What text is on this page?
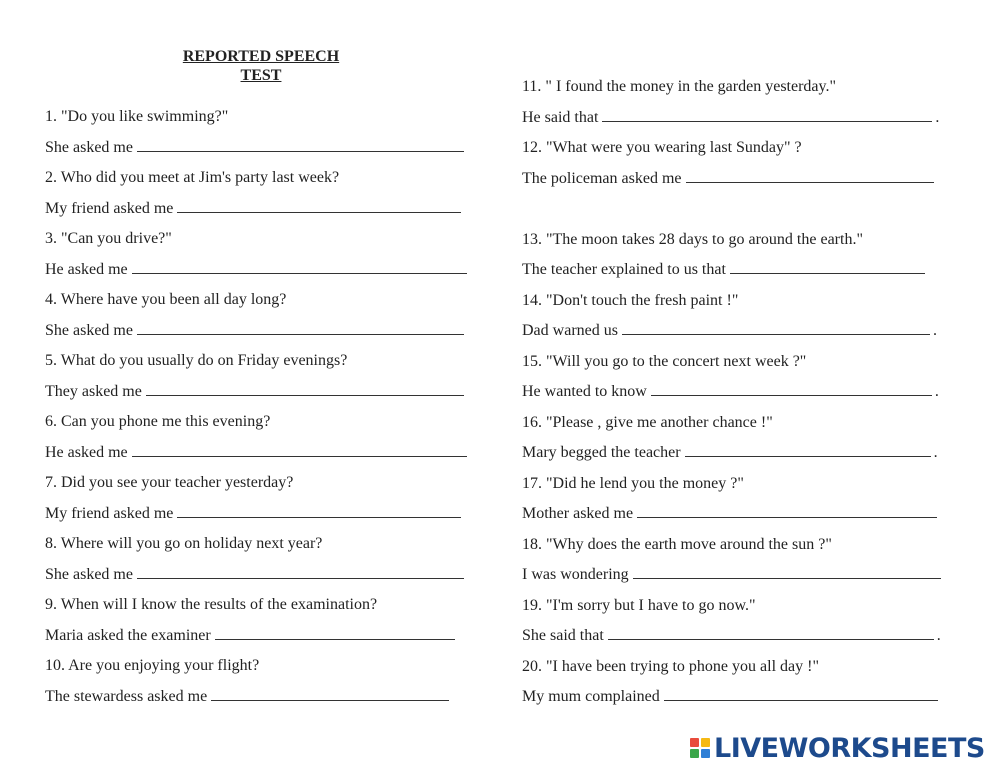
REPORTED SPEECH
TEST
1. "Do you like swimming?"
She asked me
2. Who did you meet at Jim's party last week?
My friend asked me
3. "Can you drive?"
He asked me
4. Where have you been all day long?
She asked me
5. What do you usually do on Friday evenings?
They asked me
6. Can you phone me this evening?
He asked me
7. Did you see your teacher yesterday?
My friend asked me
8. Where will you go on holiday next year?
She asked me
9. When will I know the results of the examination?
Maria asked the examiner
10. Are you enjoying your flight?
The stewardess asked me
11. " I found the money in the garden yesterday."
He said that	.
12. "What were you wearing last Sunday" ?
The policeman asked me
13. "The moon takes 28 days to go around the earth."
The teacher explained to us that
14. "Don't touch the fresh paint !"
Dad warned us	.
15. "Will you go to the concert next week ?"
He wanted to know	.
16. "Please , give me another chance !"
Mary begged the teacher	.
17. "Did he lend you the money ?"
Mother asked me
18. "Why does the earth move around the sun ?"
I was wondering
19. "I'm sorry but I have to go now."
She said that	.
20. "I have been trying to phone you all day !"
My mum complained
LIVEWORKSHEETS
